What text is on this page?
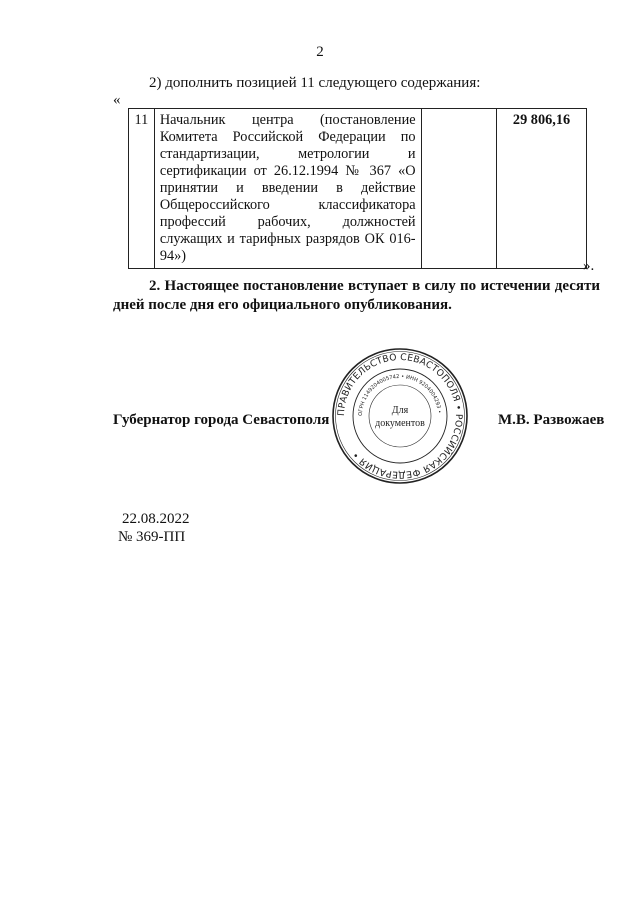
2
2) дополнить позицией 11 следующего содержания:
«
11	Начальник центра (постановление Комитета Российской Федерации по стандартизации, метрологии и сертификации от 26.12.1994 № 367 «О принятии и введении в действие Общероссийского классификатора профессий рабочих, должностей служащих и тарифных разрядов ОК 016-94»)		29 806,16
».
2. Настоящее постановление вступает в силу по истечении десяти дней после дня его официального опубликования.
Губернатор города Севастополя ПРАВИТЕЛЬСТВО СЕВАСТОПОЛЯ • РОССИЙСКАЯ ФЕДЕРАЦИЯ •
ОГРН 1149204005742 • ИНН 9204004293 •
Для
документов	М.В. Развожаев
22.08.2022
№ 369-ПП
